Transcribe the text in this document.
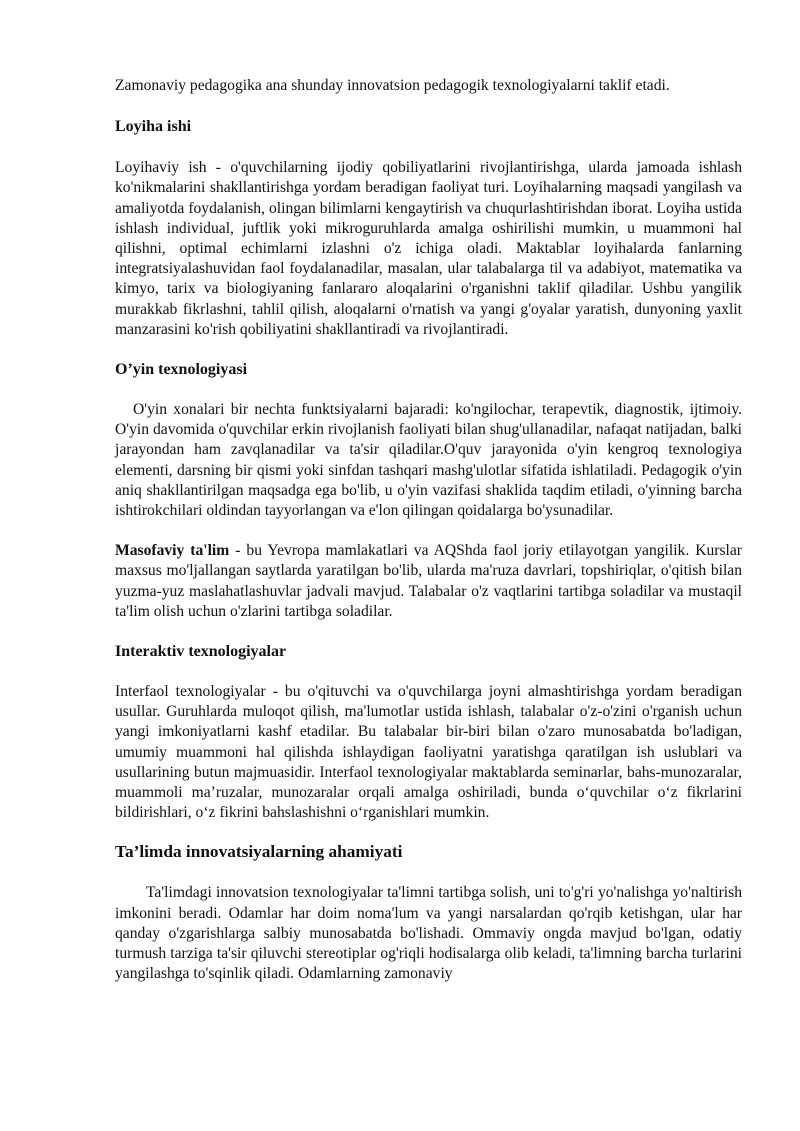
Zamonaviy pedagogika ana shunday innovatsion pedagogik texnologiyalarni taklif etadi.

Loyiha ishi

Loyihaviy ish - o'quvchilarning ijodiy qobiliyatlarini rivojlantirishga, ularda jamoada ishlash ko'nikmalarini shakllantirishga yordam beradigan faoliyat turi. Loyihalarning maqsadi yangilash va amaliyotda foydalanish, olingan bilimlarni kengaytirish va chuqurlashtirishdan iborat. Loyiha ustida ishlash individual, juftlik yoki mikroguruhlarda amalga oshirilishi mumkin, u muammoni hal qilishni, optimal echimlarni izlashni o'z ichiga oladi. Maktablar loyihalarda fanlarning integratsiyalashuvidan faol foydalanadilar, masalan, ular talabalarga til va adabiyot, matematika va kimyo, tarix va biologiyaning fanlararo aloqalarini o'rganishni taklif qiladilar. Ushbu yangilik murakkab fikrlashni, tahlil qilish, aloqalarni o'rnatish va yangi g'oyalar yaratish, dunyoning yaxlit manzarasini ko'rish qobiliyatini shakllantiradi va rivojlantiradi.

O’yin texnologiyasi

O'yin xonalari bir nechta funktsiyalarni bajaradi: ko'ngilochar, terapevtik, diagnostik, ijtimoiy. O'yin davomida o'quvchilar erkin rivojlanish faoliyati bilan shug'ullanadilar, nafaqat natijadan, balki jarayondan ham zavqlanadilar va ta'sir qiladilar.O'quv jarayonida o'yin kengroq texnologiya elementi, darsning bir qismi yoki sinfdan tashqari mashg'ulotlar sifatida ishlatiladi. Pedagogik o'yin aniq shakllantirilgan maqsadga ega bo'lib, u o'yin vazifasi shaklida taqdim etiladi, o'yinning barcha ishtirokchilari oldindan tayyorlangan va e'lon qilingan qoidalarga bo'ysunadilar.

Masofaviy ta'lim - bu Yevropa mamlakatlari va AQShda faol joriy etilayotgan yangilik. Kurslar maxsus mo'ljallangan saytlarda yaratilgan bo'lib, ularda ma'ruza davrlari, topshiriqlar, o'qitish bilan yuzma-yuz maslahatlashuvlar jadvali mavjud. Talabalar o'z vaqtlarini tartibga soladilar va mustaqil ta'lim olish uchun o'zlarini tartibga soladilar.

Interaktiv texnologiyalar

Interfaol texnologiyalar - bu o'qituvchi va o'quvchilarga joyni almashtirishga yordam beradigan usullar. Guruhlarda muloqot qilish, ma'lumotlar ustida ishlash, talabalar o'z-o'zini o'rganish uchun yangi imkoniyatlarni kashf etadilar. Bu talabalar bir-biri bilan o'zaro munosabatda bo'ladigan, umumiy muammoni hal qilishda ishlaydigan faoliyatni yaratishga qaratilgan ish uslublari va usullarining butun majmuasidir. Interfaol texnologiyalar maktablarda seminarlar, bahs-munozaralar, muammoli ma’ruzalar, munozaralar orqali amalga oshiriladi, bunda o‘quvchilar o‘z fikrlarini bildirishlari, o‘z fikrini bahslashishni o‘rganishlari mumkin.

Ta’limda innovatsiyalarning ahamiyati

Ta'limdagi innovatsion texnologiyalar ta'limni tartibga solish, uni to'g'ri yo'nalishga yo'naltirish imkonini beradi. Odamlar har doim noma'lum va yangi narsalardan qo'rqib ketishgan, ular har qanday o'zgarishlarga salbiy munosabatda bo'lishadi. Ommaviy ongda mavjud bo'lgan, odatiy turmush tarziga ta'sir qiluvchi stereotiplar og'riqli hodisalarga olib keladi, ta'limning barcha turlarini yangilashga to'sqinlik qiladi. Odamlarning zamonaviy
